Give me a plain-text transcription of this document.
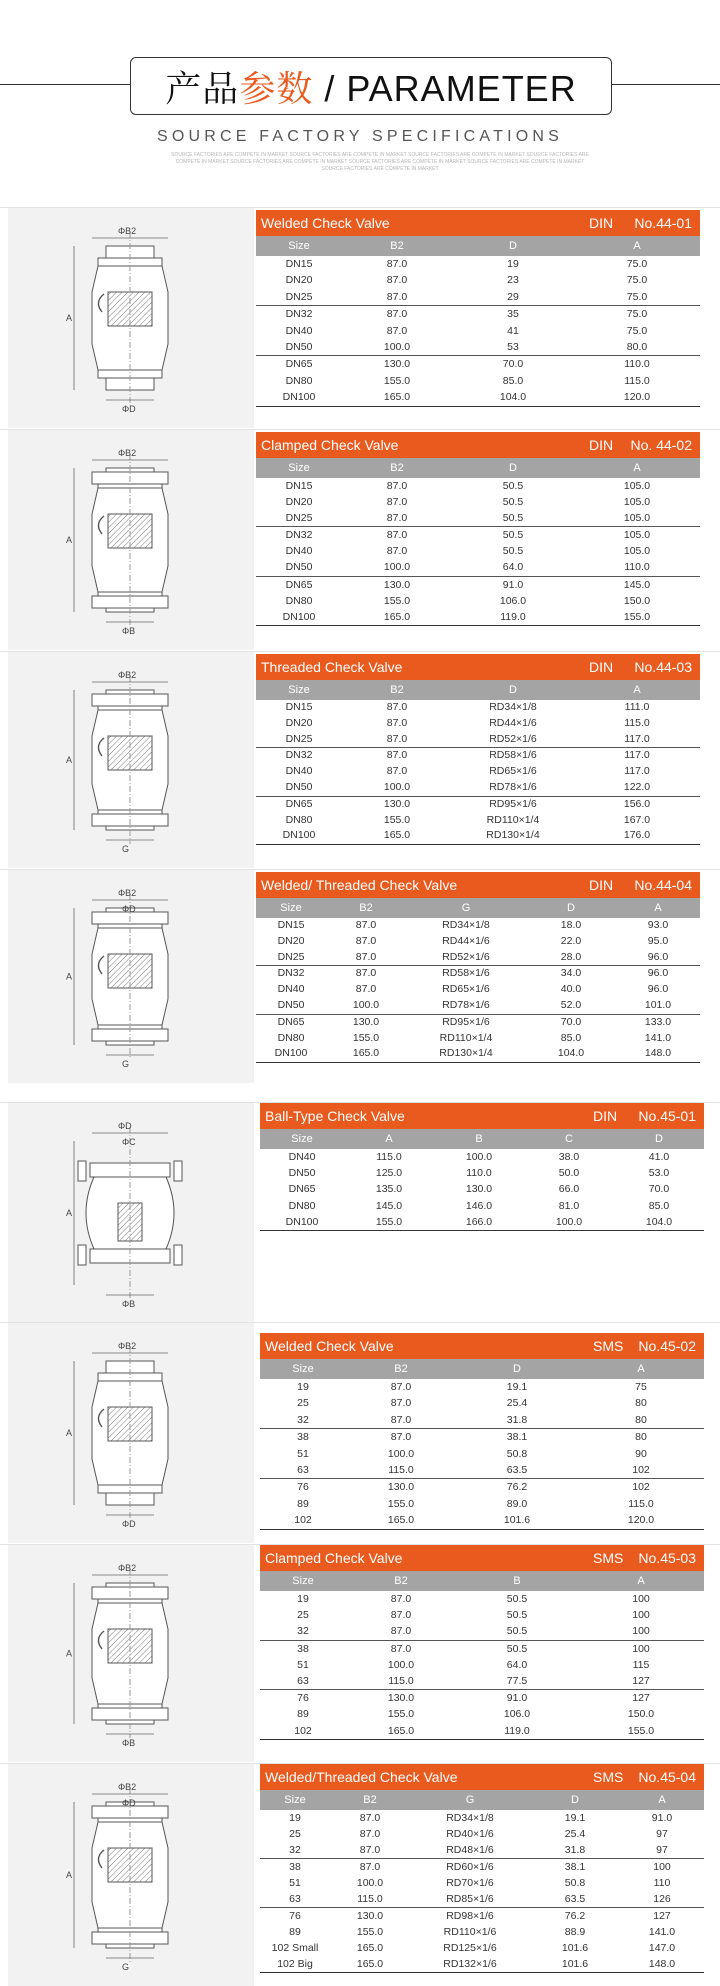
产品参数 / PARAMETER
SOURCE FACTORY SPECIFICATIONS
SOURCE FACTORIES ARE COMPETE IN MARKET SOURCE FACTORIES ARE COMPETE IN MARKET SOURCE FACTORIES ARE COMPETE IN MARKET SOURCE FACTORIES ARE COMPETE IN MARKET SOURCE FACTORIES ARE COMPETE IN MARKET SOURCE FACTORIES ARE COMPETE IN MARKET SOURCE FACTORIES ARE COMPETE IN MARKET SOURCE FACTORIES ARE COMPETE IN MARKET
ΦB2
A
ΦD
Welded Check Valve	DIN No.44-01
Size	B2	D	A
DN15	87.0	19	75.0
DN20	87.0	23	75.0
DN25	87.0	29	75.0
DN32	87.0	35	75.0
DN40	87.0	41	75.0
DN50	100.0	53	80.0
DN65	130.0	70.0	110.0
DN80	155.0	85.0	115.0
DN100	165.0	104.0	120.0
ΦB2
A
ΦB
Clamped Check Valve	DIN No. 44-02
Size	B2	D	A
DN15	87.0	50.5	105.0
DN20	87.0	50.5	105.0
DN25	87.0	50.5	105.0
DN32	87.0	50.5	105.0
DN40	87.0	50.5	105.0
DN50	100.0	64.0	110.0
DN65	130.0	91.0	145.0
DN80	155.0	106.0	150.0
DN100	165.0	119.0	155.0
ΦB2
A
G
Threaded Check Valve	DIN No.44-03
Size	B2	D	A
DN15	87.0	RD34×1/8	111.0
DN20	87.0	RD44×1/6	115.0
DN25	87.0	RD52×1/6	117.0
DN32	87.0	RD58×1/6	117.0
DN40	87.0	RD65×1/6	117.0
DN50	100.0	RD78×1/6	122.0
DN65	130.0	RD95×1/6	156.0
DN80	155.0	RD110×1/4	167.0
DN100	165.0	RD130×1/4	176.0
ΦB2
ΦD
A
G
Welded/ Threaded Check Valve	DIN No.44-04
Size	B2	G	D	A
DN15	87.0	RD34×1/8	18.0	93.0
DN20	87.0	RD44×1/6	22.0	95.0
DN25	87.0	RD52×1/6	28.0	96.0
DN32	87.0	RD58×1/6	34.0	96.0
DN40	87.0	RD65×1/6	40.0	96.0
DN50	100.0	RD78×1/6	52.0	101.0
DN65	130.0	RD95×1/6	70.0	133.0
DN80	155.0	RD110×1/4	85.0	141.0
DN100	165.0	RD130×1/4	104.0	148.0
ΦD
ΦC
A
ΦB
Ball-Type Check Valve	DIN No.45-01
Size	A	B	C	D
DN40	115.0	100.0	38.0	41.0
DN50	125.0	110.0	50.0	53.0
DN65	135.0	130.0	66.0	70.0
DN80	145.0	146.0	81.0	85.0
DN100	155.0	166.0	100.0	104.0
ΦB2
A
ΦD
Welded Check Valve	SMS No.45-02
Size	B2	D	A
19	87.0	19.1	75
25	87.0	25.4	80
32	87.0	31.8	80
38	87.0	38.1	80
51	100.0	50.8	90
63	115.0	63.5	102
76	130.0	76.2	102
89	155.0	89.0	115.0
102	165.0	101.6	120.0
ΦB2
A
ΦB
Clamped Check Valve	SMS No.45-03
Size	B2	B	A
19	87.0	50.5	100
25	87.0	50.5	100
32	87.0	50.5	100
38	87.0	50.5	100
51	100.0	64.0	115
63	115.0	77.5	127
76	130.0	91.0	127
89	155.0	106.0	150.0
102	165.0	119.0	155.0
ΦB2
ΦD
A
G
Welded/Threaded Check Valve	SMS No.45-04
Size	B2	G	D	A
19	87.0	RD34×1/8	19.1	91.0
25	87.0	RD40×1/6	25.4	97
32	87.0	RD48×1/6	31.8	97
38	87.0	RD60×1/6	38.1	100
51	100.0	RD70×1/6	50.8	110
63	115.0	RD85×1/6	63.5	126
76	130.0	RD98×1/6	76.2	127
89	155.0	RD110×1/6	88.9	141.0
102 Small	165.0	RD125×1/6	101.6	147.0
102 Big	165.0	RD132×1/6	101.6	148.0
